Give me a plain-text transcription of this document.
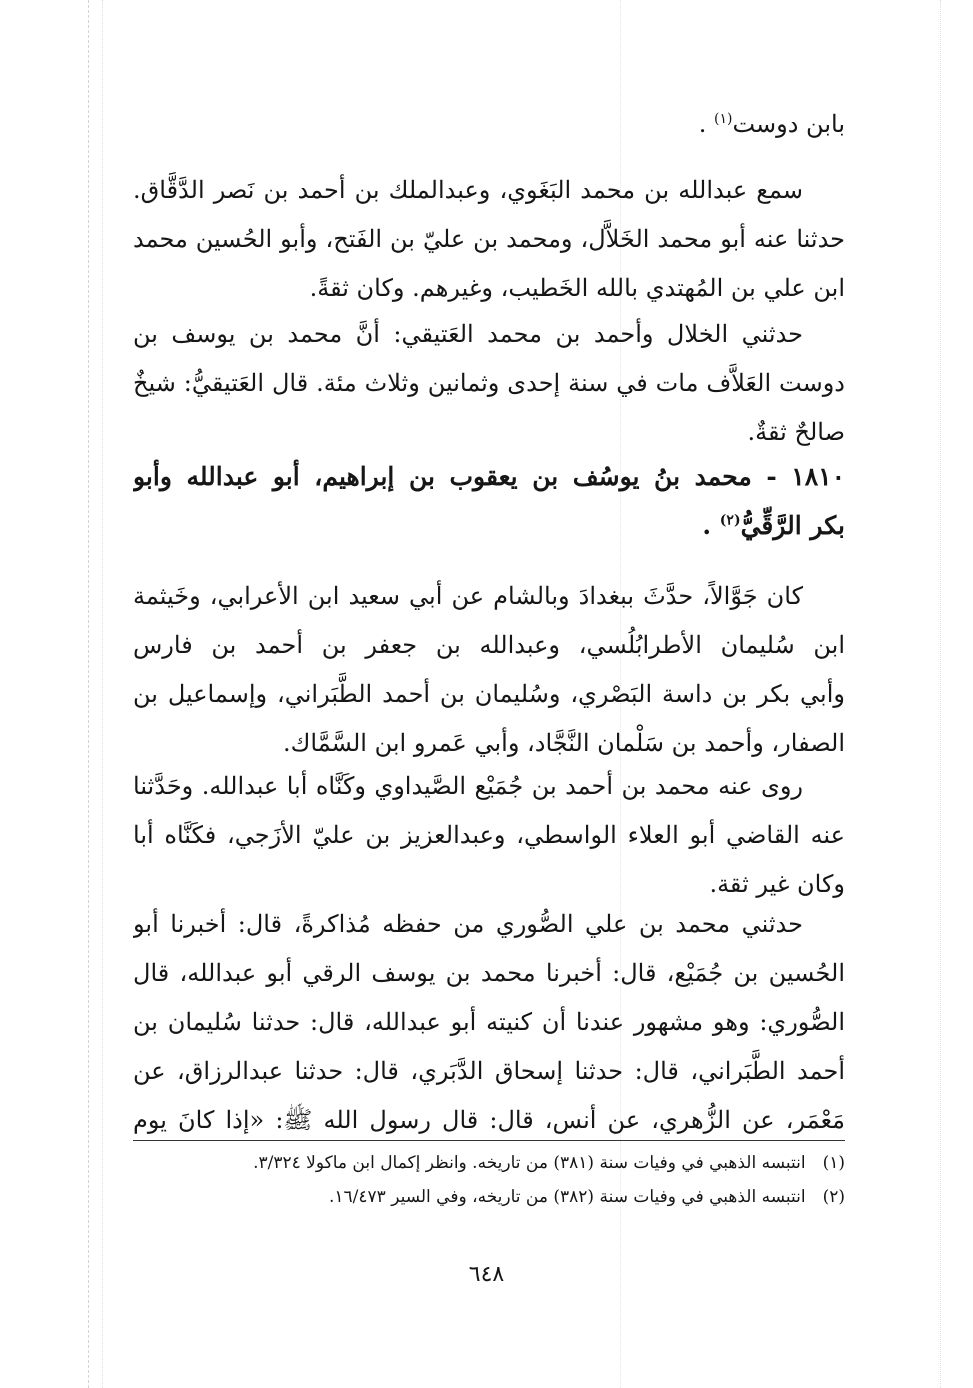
بابن دوست$^{(١)}$ .
سمع عبدالله بن محمد البَغَوي، وعبدالملك بن أحمد بن نَصر الدَّقَّاق.
حدثنا عنه أبو محمد الخَلاَّل، ومحمد بن عليّ بن الفَتح، وأبو الحُسين محمد
ابن علي بن المُهتدي بالله الخَطيب، وغيرهم. وكان ثقةً.
حدثني الخلال وأحمد بن محمد العَتيقي: أنَّ محمد بن يوسف بن
دوست العَلاَّف مات في سنة إحدى وثمانين وثلاث مئة. قال العَتيقيُّ: شيخٌ
صالحٌ ثقةٌ.
١٨١٠ - محمد بنُ يوسُف بن يعقوب بن إبراهيم، أبو عبدالله وأبو
بكر الرَّقِّيُّ$^{(٢)}$ .
كان جَوَّالاً، حدَّثَ ببغدادَ وبالشام عن أبي سعيد ابن الأعرابي، وخَيثمة
ابن سُليمان الأطرابُلُسي، وعبدالله بن جعفر بن أحمد بن فارس
وأبي بكر بن داسة البَصْري، وسُليمان بن أحمد الطَّبَراني، وإسماعيل بن
الصفار، وأحمد بن سَلْمان النَّجَّاد، وأبي عَمرو ابن السَّمَّاك.
روى عنه محمد بن أحمد بن جُمَيْع الصَّيداوي وكَنَّاه أبا عبدالله. وحَدَّثنا
عنه القاضي أبو العلاء الواسطي، وعبدالعزيز بن عليّ الأزَجي، فكَنَّاه أبا
وكان غير ثقة.
حدثني محمد بن علي الصُّوري من حفظه مُذاكرةً، قال: أخبرنا أبو
الحُسين بن جُمَيْع، قال: أخبرنا محمد بن يوسف الرقي أبو عبدالله، قال
الصُّوري: وهو مشهور عندنا أن كنيته أبو عبدالله، قال: حدثنا سُليمان بن
أحمد الطَّبَراني، قال: حدثنا إسحاق الدَّبَري، قال: حدثنا عبدالرزاق، عن
مَعْمَر، عن الزُّهري، عن أنس، قال: قال رسول الله ﷺ: «إذا كانَ يوم
(١) انتبسه الذهبي في وفيات سنة (٣٨١) من تاريخه. وانظر إكمال ابن ماكولا ٣/٣٢٤.
(٢) انتبسه الذهبي في وفيات سنة (٣٨٢) من تاريخه، وفي السير ١٦/٤٧٣.
٦٤٨
